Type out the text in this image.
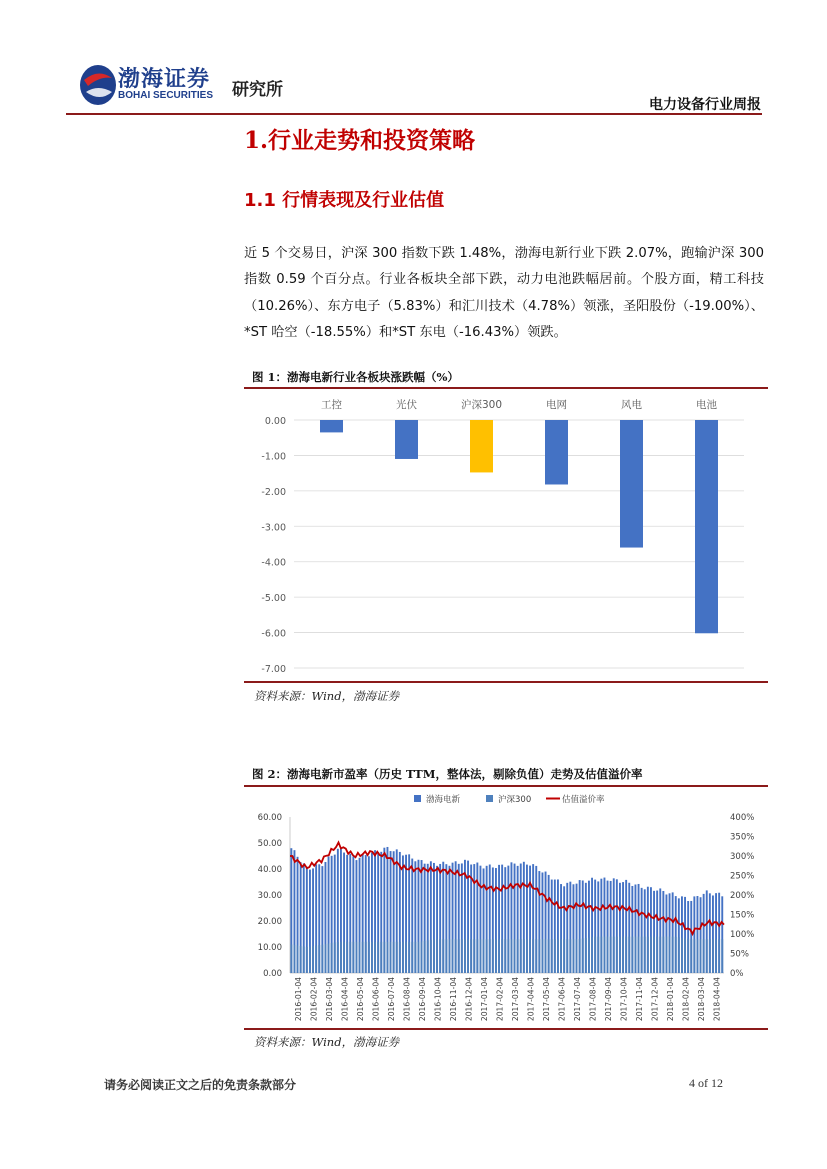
渤海证券
BOHAI SECURITIES 研究所
电力设备行业周报
1.行业走势和投资策略
1.1 行情表现及行业估值
近 5 个交易日，沪深 300 指数下跌 1.48%，渤海电新行业下跌 2.07%，跑输沪深 300 指数 0.59 个百分点。行业各板块全部下跌，动力电池跌幅居前。个股方面，精工科技（10.26%）、东方电子（5.83%）和汇川技术（4.78%）领涨，圣阳股份（-19.00%）、*ST 哈空（-18.55%）和*ST 东电（-16.43%）领跌。
图 1：渤海电新行业各板块涨跌幅（%）
0.00
-1.00
-2.00
-3.00
-4.00
-5.00
-6.00
-7.00
工控	光伏	沪深300	电网	风电	电池
资料来源：Wind，渤海证券
图 2：渤海电新市盈率（历史 TTM，整体法，剔除负值）走势及估值溢价率
渤海电新	沪深300	估值溢价率
0.00
10.00
20.00
30.00
40.00
50.00
60.00
0%
50%
100%
150%
200%
250%
300%
350%
400%
2016-01-04 2016-02-04 2016-03-04 2016-04-04 2016-05-04 2016-06-04 2016-07-04 2016-08-04 2016-09-04 2016-10-04 2016-11-04 2016-12-04 2017-01-04 2017-02-04 2017-03-04 2017-04-04 2017-05-04 2017-06-04 2017-07-04 2017-08-04 2017-09-04 2017-10-04 2017-11-04 2017-12-04 2018-01-04 2018-02-04 2018-03-04 2018-04-04
资料来源：Wind，渤海证券
请务必阅读正文之后的免责条款部分	4 of 12
